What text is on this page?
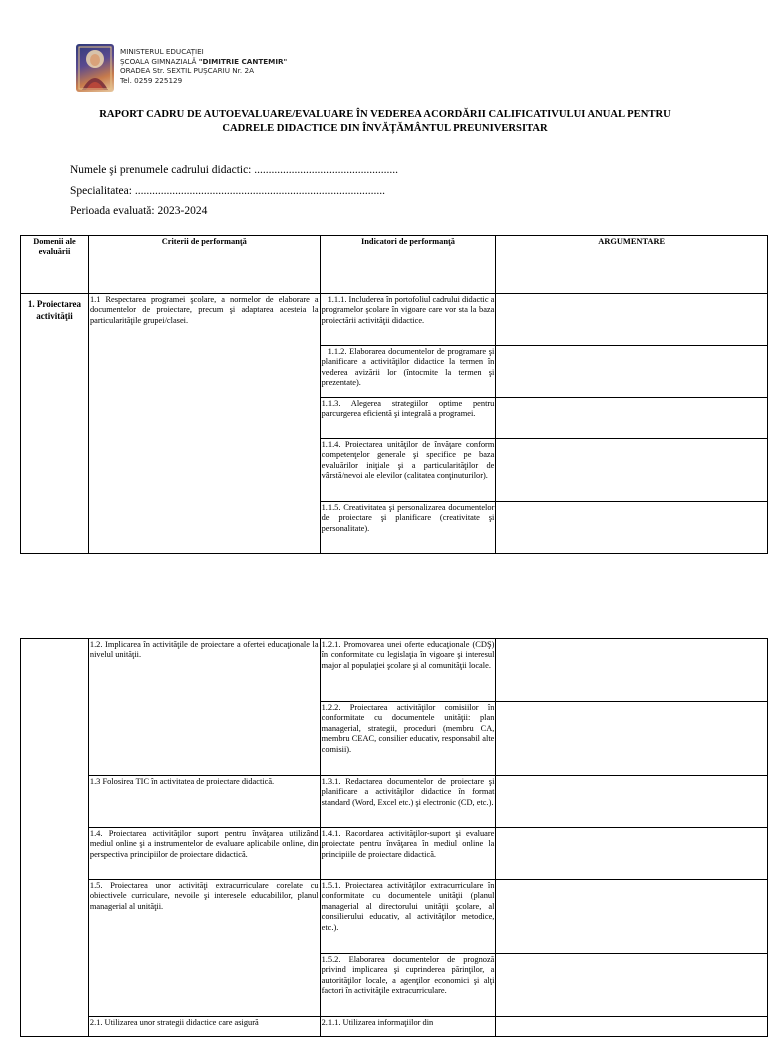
MINISTERUL EDUCAȚIEI
ȘCOALA GIMNAZIALĂ "DIMITRIE CANTEMIR"
ORADEA Str. SEXTIL PUȘCARIU Nr. 2A
Tel. 0259 225129
RAPORT CADRU DE AUTOEVALUARE/EVALUARE ÎN VEDEREA ACORDĂRII CALIFICATIVULUI ANUAL PENTRU
CADRELE DIDACTICE DIN ÎNVĂȚĂMÂNTUL PREUNIVERSITAR
Numele şi prenumele cadrului didactic: ..................................................
Specialitatea: .......................................................................................
Perioada evaluată: 2023-2024
Domenii ale evaluării	Criterii de performanţă	Indicatori de performanţă	ARGUMENTARE
1. Proiectarea activităţii	1.1 Respectarea programei şcolare, a normelor de elaborare a documentelor de proiectare, precum şi adaptarea acesteia la particularităţile grupei/clasei.	1.1.1. Includerea în portofoliul cadrului didactic a programelor şcolare în vigoare care vor sta la baza proiectării activităţii didactice.	
		1.1.2. Elaborarea documentelor de programare şi planificare a activităţilor didactice la termen în vederea avizării lor (întocmite la termen şi prezentate).	
		1.1.3. Alegerea strategiilor optime pentru parcurgerea eficientă şi integrală a programei.	
		1.1.4. Proiectarea unităţilor de învăţare conform competenţelor generale şi specifice pe baza evaluărilor iniţiale şi a particularităţilor de vârstă/nevoi ale elevilor (calitatea conţinuturilor).	
		1.1.5. Creativitatea şi personalizarea documentelor de proiectare şi planificare (creativitate şi personalitate).	
	1.2. Implicarea în activităţile de proiectare a ofertei educaţionale la nivelul unităţii.	1.2.1. Promovarea unei oferte educaţionale (CDŞ) în conformitate cu legislaţia în vigoare şi interesul major al populaţiei şcolare şi al comunităţii locale.	
		1.2.2. Proiectarea activităţilor comisiilor în conformitate cu documentele unităţii: plan managerial, strategii, proceduri (membru CA, membru CEAC, consilier educativ, responsabil alte comisii).	
	1.3 Folosirea TIC în activitatea de proiectare didactică.	1.3.1. Redactarea documentelor de proiectare şi planificare a activităţilor didactice în format standard (Word, Excel etc.) şi electronic (CD, etc.).	
	1.4. Proiectarea activităţilor suport pentru învăţarea utilizând mediul online şi a instrumentelor de evaluare aplicabile online, din perspectiva principiilor de proiectare didactică.	1.4.1. Racordarea activităţilor-suport şi evaluare proiectate pentru învăţarea în mediul online la principiile de proiectare didactică.	
	1.5. Proiectarea unor activităţi extracurriculare corelate cu obiectivele curriculare, nevoile şi interesele educabililor, planul managerial al unităţii.	1.5.1. Proiectarea activităţilor extracurriculare în conformitate cu documentele unităţii (planul managerial al directorului unităţii şcolare, al consilierului educativ, al activităţilor metodice, etc.).	
		1.5.2. Elaborarea documentelor de prognoză privind implicarea şi cuprinderea părinţilor, a autorităţilor locale, a agenţilor economici şi alţi factori în activităţile extracurriculare.	
	2.1. Utilizarea unor strategii didactice care asigură	2.1.1. Utilizarea informaţiilor din	
